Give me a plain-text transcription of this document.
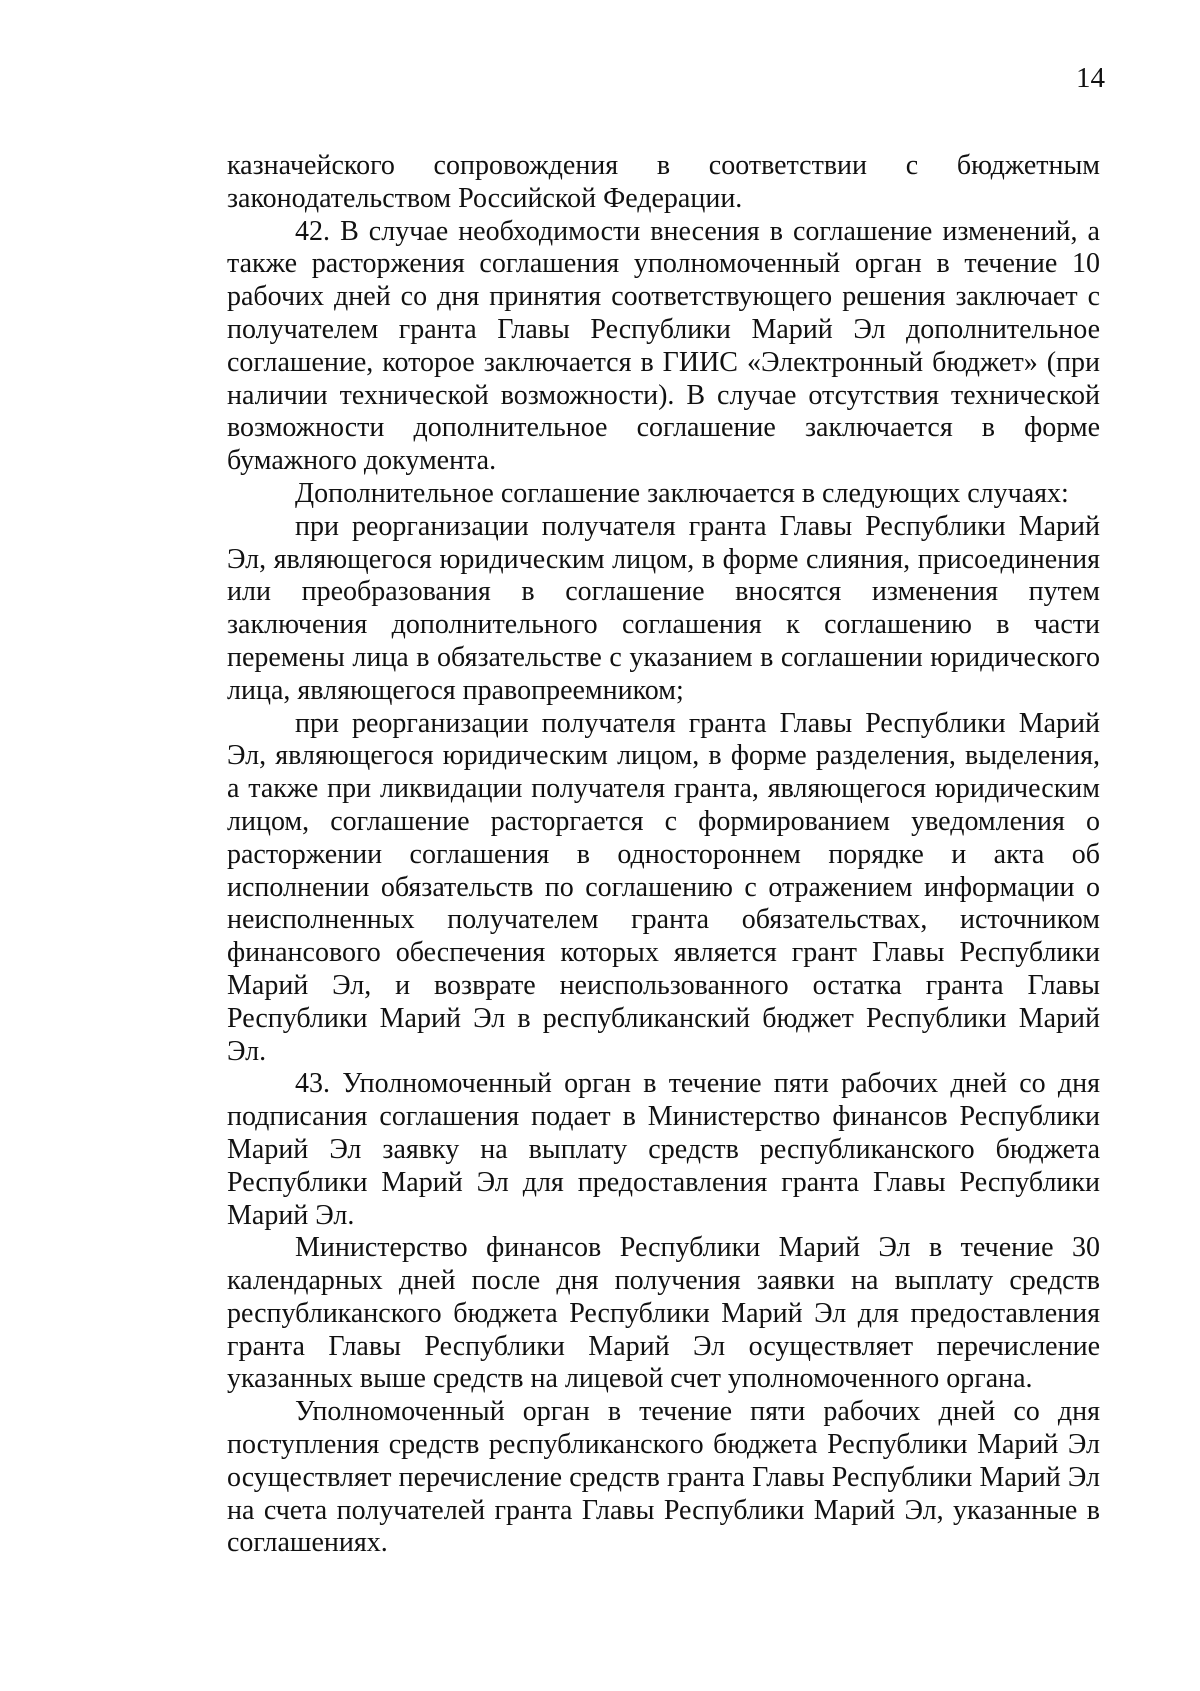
14

казначейского сопровождения в соответствии с бюджетным законодательством Российской Федерации.

42. В случае необходимости внесения в соглашение изменений, а также расторжения соглашения уполномоченный орган в течение 10 рабочих дней со дня принятия соответствующего решения заключает с получателем гранта Главы Республики Марий Эл дополнительное соглашение, которое заключается в ГИИС «Электронный бюджет» (при наличии технической возможности). В случае отсутствия технической возможности дополнительное соглашение заключается в форме бумажного документа.

Дополнительное соглашение заключается в следующих случаях:

при реорганизации получателя гранта Главы Республики Марий Эл, являющегося юридическим лицом, в форме слияния, присоединения или преобразования в соглашение вносятся изменения путем заключения дополнительного соглашения к соглашению в части перемены лица в обязательстве с указанием в соглашении юридического лица, являющегося правопреемником;

при реорганизации получателя гранта Главы Республики Марий Эл, являющегося юридическим лицом, в форме разделения, выделения, а также при ликвидации получателя гранта, являющегося юридическим лицом, соглашение расторгается с формированием уведомления о расторжении соглашения в одностороннем порядке и акта об исполнении обязательств по соглашению с отражением информации о неисполненных получателем гранта обязательствах, источником финансового обеспечения которых является грант Главы Республики Марий Эл, и возврате неиспользованного остатка гранта Главы Республики Марий Эл в республиканский бюджет Республики Марий Эл.

43. Уполномоченный орган в течение пяти рабочих дней со дня подписания соглашения подает в Министерство финансов Республики Марий Эл заявку на выплату средств республиканского бюджета Республики Марий Эл для предоставления гранта Главы Республики Марий Эл.

Министерство финансов Республики Марий Эл в течение 30 календарных дней после дня получения заявки на выплату средств республиканского бюджета Республики Марий Эл для предоставления гранта Главы Республики Марий Эл осуществляет перечисление указанных выше средств на лицевой счет уполномоченного органа.

Уполномоченный орган в течение пяти рабочих дней со дня поступления средств республиканского бюджета Республики Марий Эл осуществляет перечисление средств гранта Главы Республики Марий Эл на счета получателей гранта Главы Республики Марий Эл, указанные в соглашениях.
